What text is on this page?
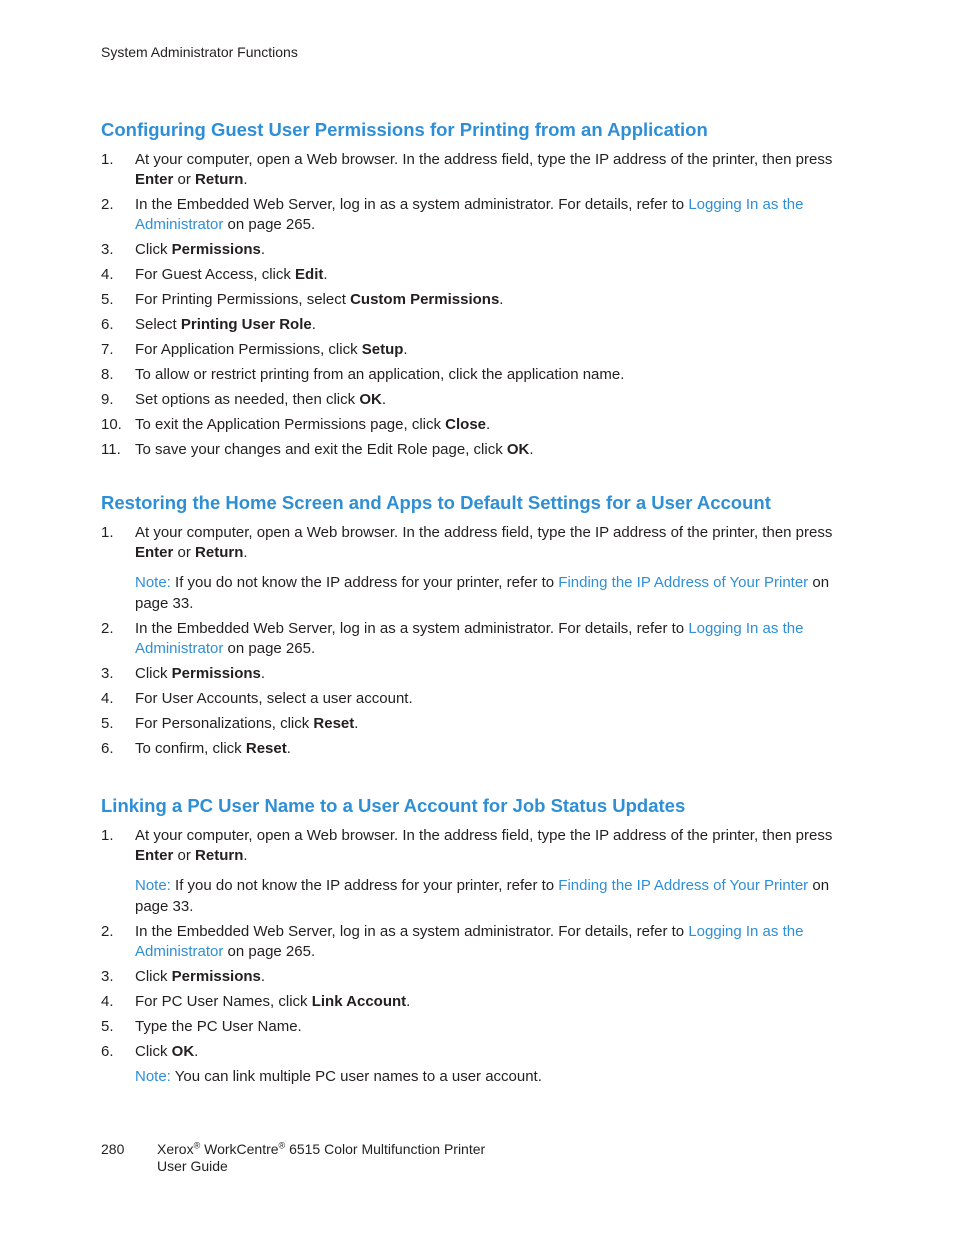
System Administrator Functions
Configuring Guest User Permissions for Printing from an Application
1. At your computer, open a Web browser. In the address field, type the IP address of the printer, then press Enter or Return.
2. In the Embedded Web Server, log in as a system administrator. For details, refer to Logging In as the Administrator on page 265.
3. Click Permissions.
4. For Guest Access, click Edit.
5. For Printing Permissions, select Custom Permissions.
6. Select Printing User Role.
7. For Application Permissions, click Setup.
8. To allow or restrict printing from an application, click the application name.
9. Set options as needed, then click OK.
10. To exit the Application Permissions page, click Close.
11. To save your changes and exit the Edit Role page, click OK.
Restoring the Home Screen and Apps to Default Settings for a User Account
1. At your computer, open a Web browser. In the address field, type the IP address of the printer, then press Enter or Return.
Note: If you do not know the IP address for your printer, refer to Finding the IP Address of Your Printer on page 33.
2. In the Embedded Web Server, log in as a system administrator. For details, refer to Logging In as the Administrator on page 265.
3. Click Permissions.
4. For User Accounts, select a user account.
5. For Personalizations, click Reset.
6. To confirm, click Reset.
Linking a PC User Name to a User Account for Job Status Updates
1. At your computer, open a Web browser. In the address field, type the IP address of the printer, then press Enter or Return.
Note: If you do not know the IP address for your printer, refer to Finding the IP Address of Your Printer on page 33.
2. In the Embedded Web Server, log in as a system administrator. For details, refer to Logging In as the Administrator on page 265.
3. Click Permissions.
4. For PC User Names, click Link Account.
5. Type the PC User Name.
6. Click OK.

Note: You can link multiple PC user names to a user account.

280 Xerox® WorkCentre® 6515 Color Multifunction Printer
User Guide
